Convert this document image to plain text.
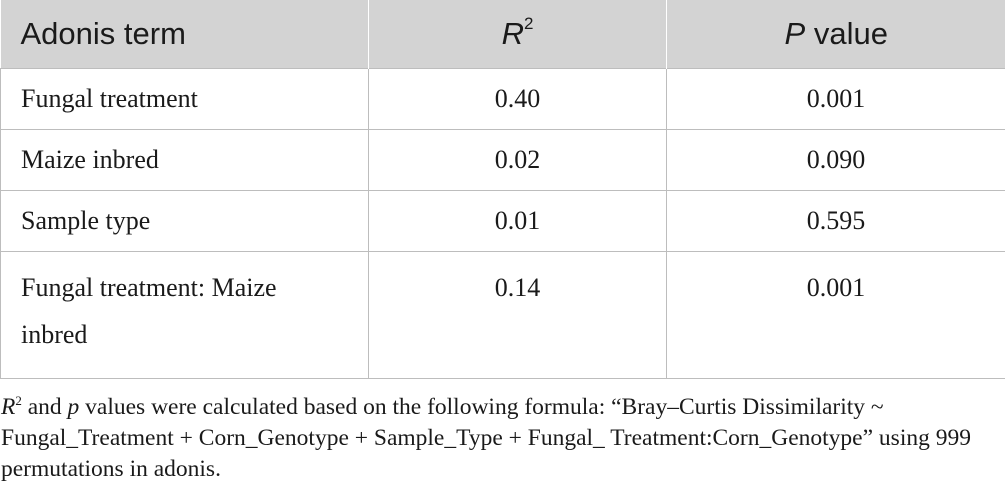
Adonis term	$R^2$	P value
Fungal treatment	0.40	0.001
Maize inbred	0.02	0.090
Sample type	0.01	0.595
Fungal treatment: Maize inbred	0.14	0.001
$R^2$ and p values were calculated based on the following formula: “Bray–Curtis Dissimilarity ~ Fungal_Treatment + Corn_Genotype + Sample_Type + Fungal_ Treatment:Corn_Genotype” using 999 permutations in adonis.
